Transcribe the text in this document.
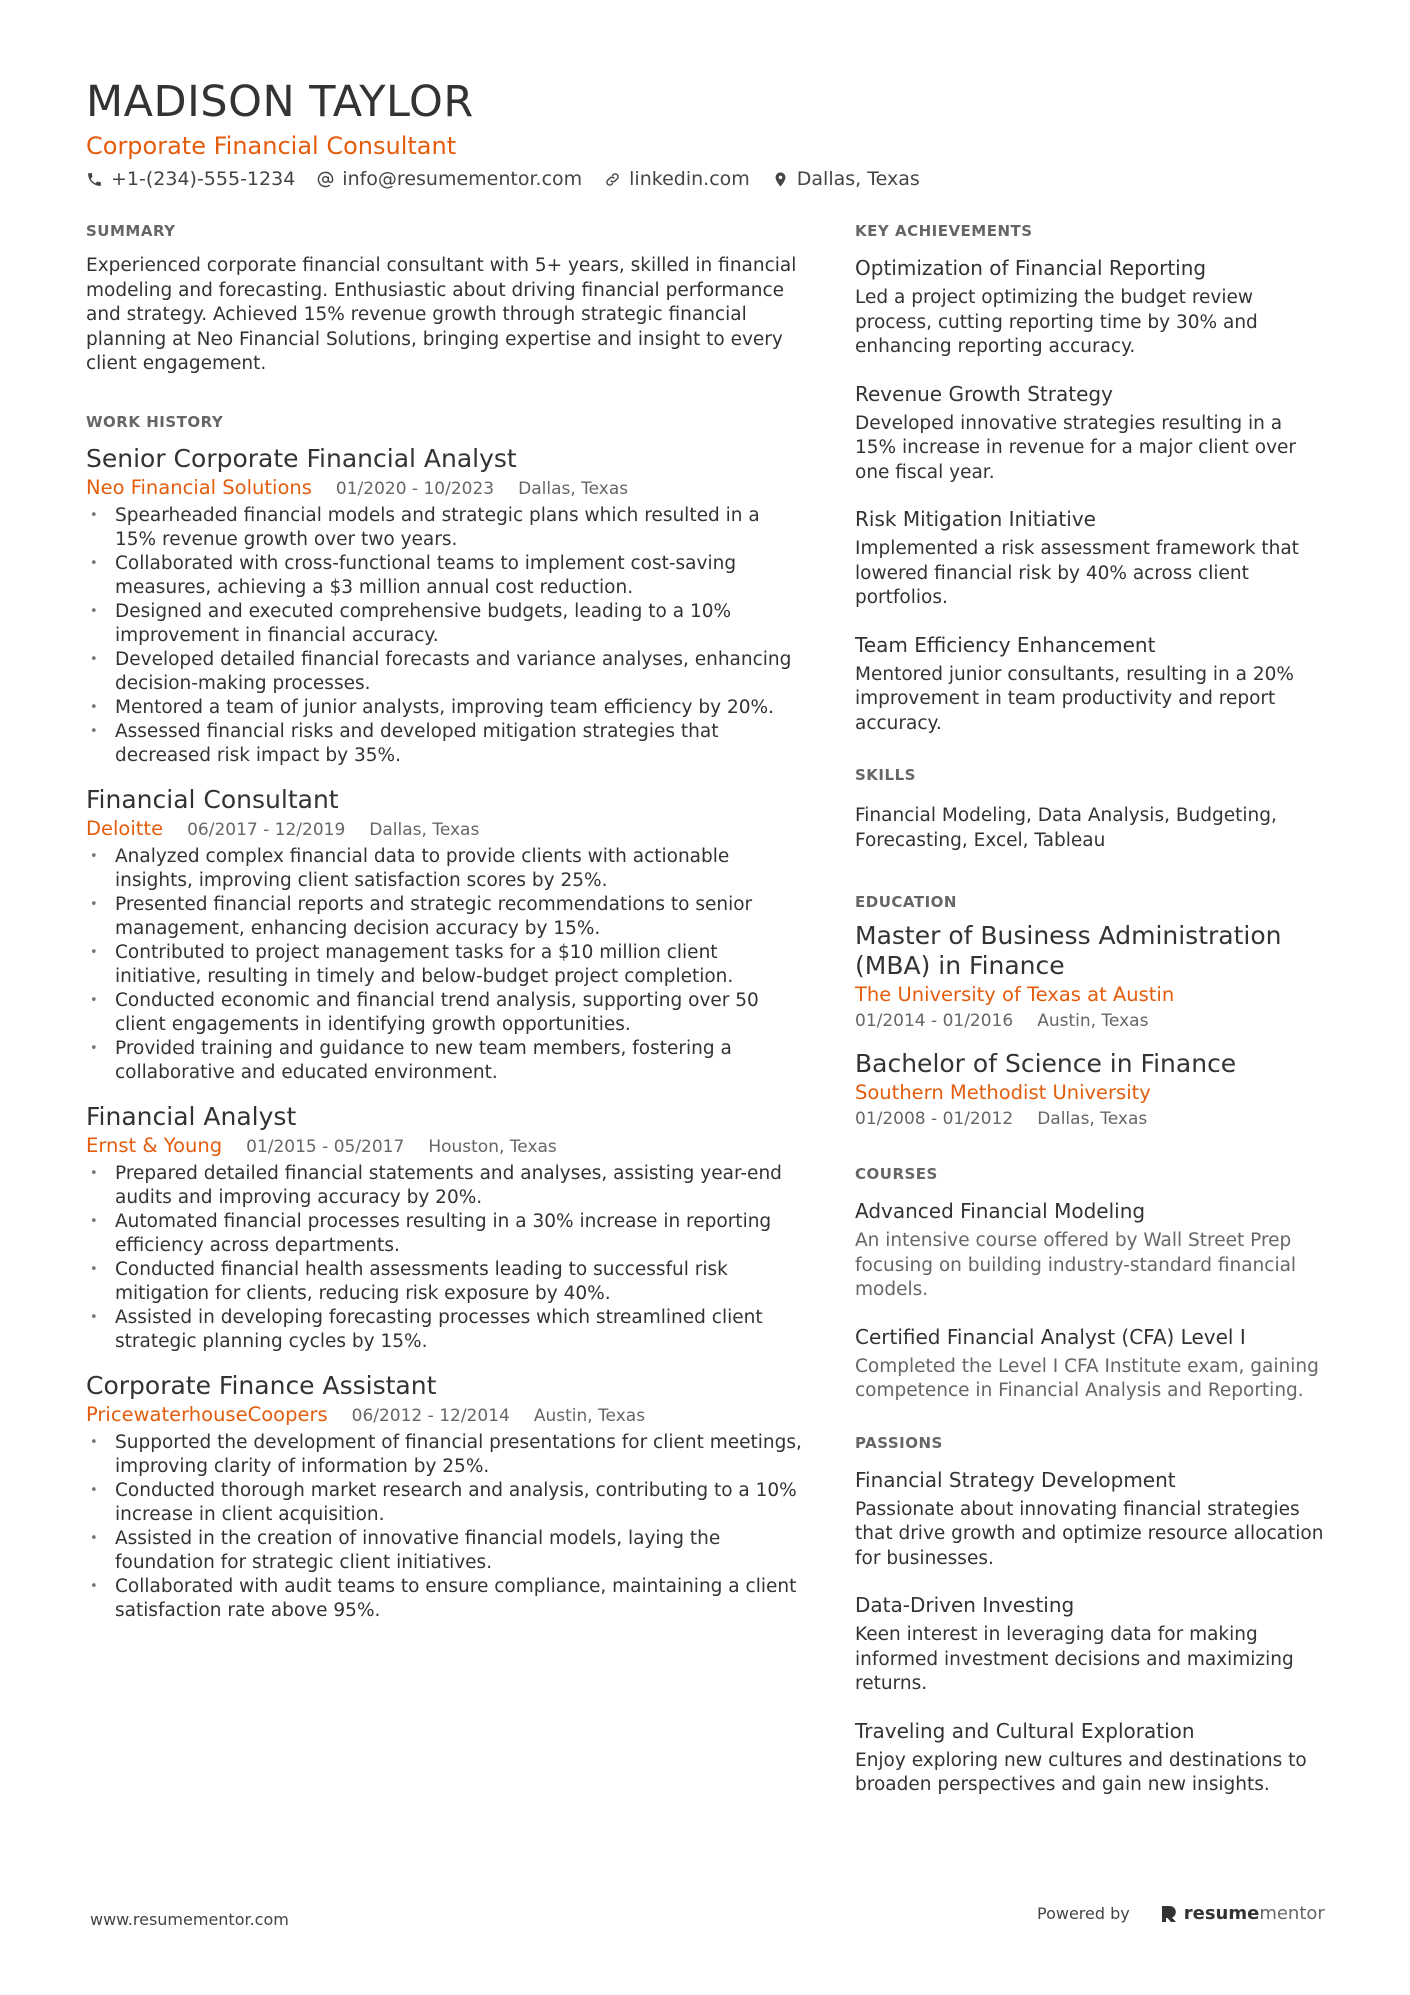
MADISON TAYLOR
Corporate Financial Consultant
+1-(234)-555-1234 info@resumementor.com linkedin.com Dallas, Texas
SUMMARY

Experienced corporate financial consultant with 5+ years, skilled in financial modeling and forecasting. Enthusiastic about driving financial performance and strategy. Achieved 15% revenue growth through strategic financial planning at Neo Financial Solutions, bringing expertise and insight to every client engagement.

WORK HISTORY
Senior Corporate Financial Analyst
Neo Financial Solutions 01/2020 - 10/2023 Dallas, Texas
• Spearheaded financial models and strategic plans which resulted in a 15% revenue growth over two years.
• Collaborated with cross-functional teams to implement cost-saving measures, achieving a $3 million annual cost reduction.
• Designed and executed comprehensive budgets, leading to a 10% improvement in financial accuracy.
• Developed detailed financial forecasts and variance analyses, enhancing decision-making processes.
• Mentored a team of junior analysts, improving team efficiency by 20%.
• Assessed financial risks and developed mitigation strategies that decreased risk impact by 35%.
Financial Consultant
Deloitte 06/2017 - 12/2019 Dallas, Texas
• Analyzed complex financial data to provide clients with actionable insights, improving client satisfaction scores by 25%.
• Presented financial reports and strategic recommendations to senior management, enhancing decision accuracy by 15%.
• Contributed to project management tasks for a $10 million client initiative, resulting in timely and below-budget project completion.
• Conducted economic and financial trend analysis, supporting over 50 client engagements in identifying growth opportunities.
• Provided training and guidance to new team members, fostering a collaborative and educated environment.
Financial Analyst
Ernst & Young 01/2015 - 05/2017 Houston, Texas
• Prepared detailed financial statements and analyses, assisting year-end audits and improving accuracy by 20%.
• Automated financial processes resulting in a 30% increase in reporting efficiency across departments.
• Conducted financial health assessments leading to successful risk mitigation for clients, reducing risk exposure by 40%.
• Assisted in developing forecasting processes which streamlined client strategic planning cycles by 15%.
Corporate Finance Assistant
PricewaterhouseCoopers 06/2012 - 12/2014 Austin, Texas
• Supported the development of financial presentations for client meetings, improving clarity of information by 25%.
• Conducted thorough market research and analysis, contributing to a 10% increase in client acquisition.
• Assisted in the creation of innovative financial models, laying the foundation for strategic client initiatives.
• Collaborated with audit teams to ensure compliance, maintaining a client satisfaction rate above 95%.
KEY ACHIEVEMENTS
Optimization of Financial Reporting

Led a project optimizing the budget review process, cutting reporting time by 30% and enhancing reporting accuracy.

Revenue Growth Strategy

Developed innovative strategies resulting in a 15% increase in revenue for a major client over one fiscal year.

Risk Mitigation Initiative

Implemented a risk assessment framework that lowered financial risk by 40% across client portfolios.

Team Efficiency Enhancement

Mentored junior consultants, resulting in a 20% improvement in team productivity and report accuracy.

SKILLS

Financial Modeling, Data Analysis, Budgeting, Forecasting, Excel, Tableau

EDUCATION
Master of Business Administration (MBA) in Finance
The University of Texas at Austin
01/2014 - 01/2016 Austin, Texas
Bachelor of Science in Finance
Southern Methodist University
01/2008 - 01/2012 Dallas, Texas
COURSES
Advanced Financial Modeling

An intensive course offered by Wall Street Prep focusing on building industry-standard financial models.

Certified Financial Analyst (CFA) Level I

Completed the Level I CFA Institute exam, gaining competence in Financial Analysis and Reporting.

PASSIONS
Financial Strategy Development

Passionate about innovating financial strategies that drive growth and optimize resource allocation for businesses.

Data-Driven Investing

Keen interest in leveraging data for making informed investment decisions and maximizing returns.

Traveling and Cultural Exploration

Enjoy exploring new cultures and destinations to broaden perspectives and gain new insights.

www.resumementor.com	Powered by	resumementor
